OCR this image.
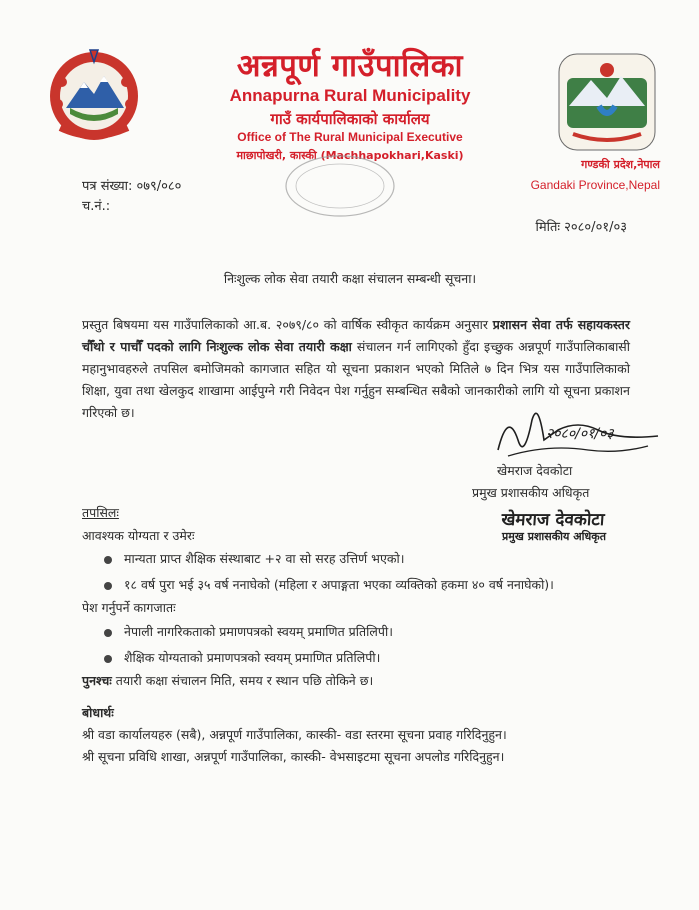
अन्नपूर्ण गाउँपालिका
Annapurna Rural Municipality
गाउँ कार्यपालिकाको कार्यालय
Office of The Rural Municipal Executive
माछापोखरी, कास्की (Machhapokhari,Kaski)
गण्डकी प्रदेश,नेपाल
Gandaki Province,Nepal
पत्र संख्या: ०७९/०८०
च.नं.:
मितिः २०८०/०१/०३
निःशुल्क लोक सेवा तयारी कक्षा संचालन सम्बन्धी सूचना।
प्रस्तुत बिषयमा यस गाउँपालिकाको आ.ब. २०७९/८० को वार्षिक स्वीकृत कार्यक्रम अनुसार प्रशासन सेवा तर्फ सहायकस्तर चौँथो र पाचौँ पदको लागि निःशुल्क लोक सेवा तयारी कक्षा संचालन गर्न लागिएको हुँदा इच्छुक अन्नपूर्ण गाउँपालिकाबासी महानुभावहरुले तपसिल बमोजिमको कागजात सहित यो सूचना प्रकाशन भएको मितिले ७ दिन भित्र यस गाउँपालिकाको शिक्षा, युवा तथा खेलकुद शाखामा आईपुग्ने गरी निवेदन पेश गर्नुहुन सम्बन्धित सबैको जानकारीको लागि यो सूचना प्रकाशन गरिएको छ।
२०८०/०१/०३
खेमराज देवकोटा
प्रमुख प्रशासकीय अधिकृत
खेमराज देवकोटा
प्रमुख प्रशासकीय अधिकृत
तपसिलः
आवश्यक योग्यता र उमेरः
मान्यता प्राप्त शैक्षिक संस्थाबाट +२ वा सो सरह उत्तिर्ण भएको।
१८ वर्ष पुरा भई ३५ वर्ष ननाघेको (महिला र अपाङ्गता भएका व्यक्तिको हकमा ४० वर्ष ननाघेको)।
पेश गर्नुपर्ने कागजातः
नेपाली नागरिकताको प्रमाणपत्रको स्वयम् प्रमाणित प्रतिलिपी।
शैक्षिक योग्यताको प्रमाणपत्रको स्वयम् प्रमाणित प्रतिलिपी।
पुनश्चः तयारी कक्षा संचालन मिति, समय र स्थान पछि तोकिने छ।
बोधार्थः
श्री वडा कार्यालयहरु (सबै), अन्नपूर्ण गाउँपालिका, कास्की- वडा स्तरमा सूचना प्रवाह गरिदिनुहुन।
श्री सूचना प्रविधि शाखा, अन्नपूर्ण गाउँपालिका, कास्की- वेभसाइटमा सूचना अपलोड गरिदिनुहुन।
